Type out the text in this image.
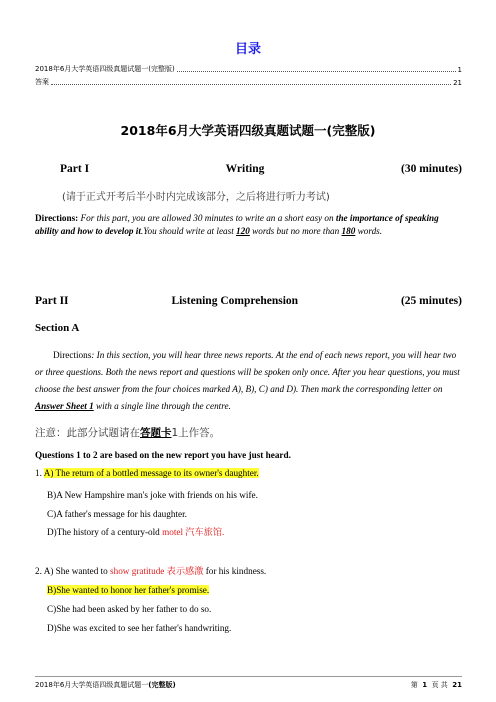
目录
2018年6月大学英语四级真题试题一(完整版)	1
答案	21
2018年6月大学英语四级真题试题一(完整版)
Part I	Writing	(30 minutes)
(请于正式开考后半小时内完成该部分，之后将进行听力考试)
Directions: For this part, you are allowed 30 minutes to write an a short easy on the importance of speaking ability and how to develop it.You should write at least 120 words but no more than 180 words.
Part II	Listening Comprehension	(25 minutes)
Section A
Directions: In this section, you will hear three news reports. At the end of each news report, you will hear two or three questions. Both the news report and questions will be spoken only once. After you hear questions, you must choose the best answer from the four choices marked A), B), C) and D). Then mark the corresponding letter on Answer Sheet 1 with a single line through the centre.
注意：此部分试题请在答题卡1上作答。
Questions 1 to 2 are based on the new report you have just heard.
1. A) The return of a bottled message to its owner's daughter.
B)A New Hampshire man's joke with friends on his wife.
C)A father's message for his daughter.
D)The history of a century-old motel 汽车旅馆.
2. A) She wanted to show gratitude 表示感激 for his kindness.
B)She wanted to honor her father's promise.
C)She had been asked by her father to do so.
D)She was excited to see her father's handwriting.
2018年6月大学英语四级真题试题一(完整版)	第 1 页 共 21
